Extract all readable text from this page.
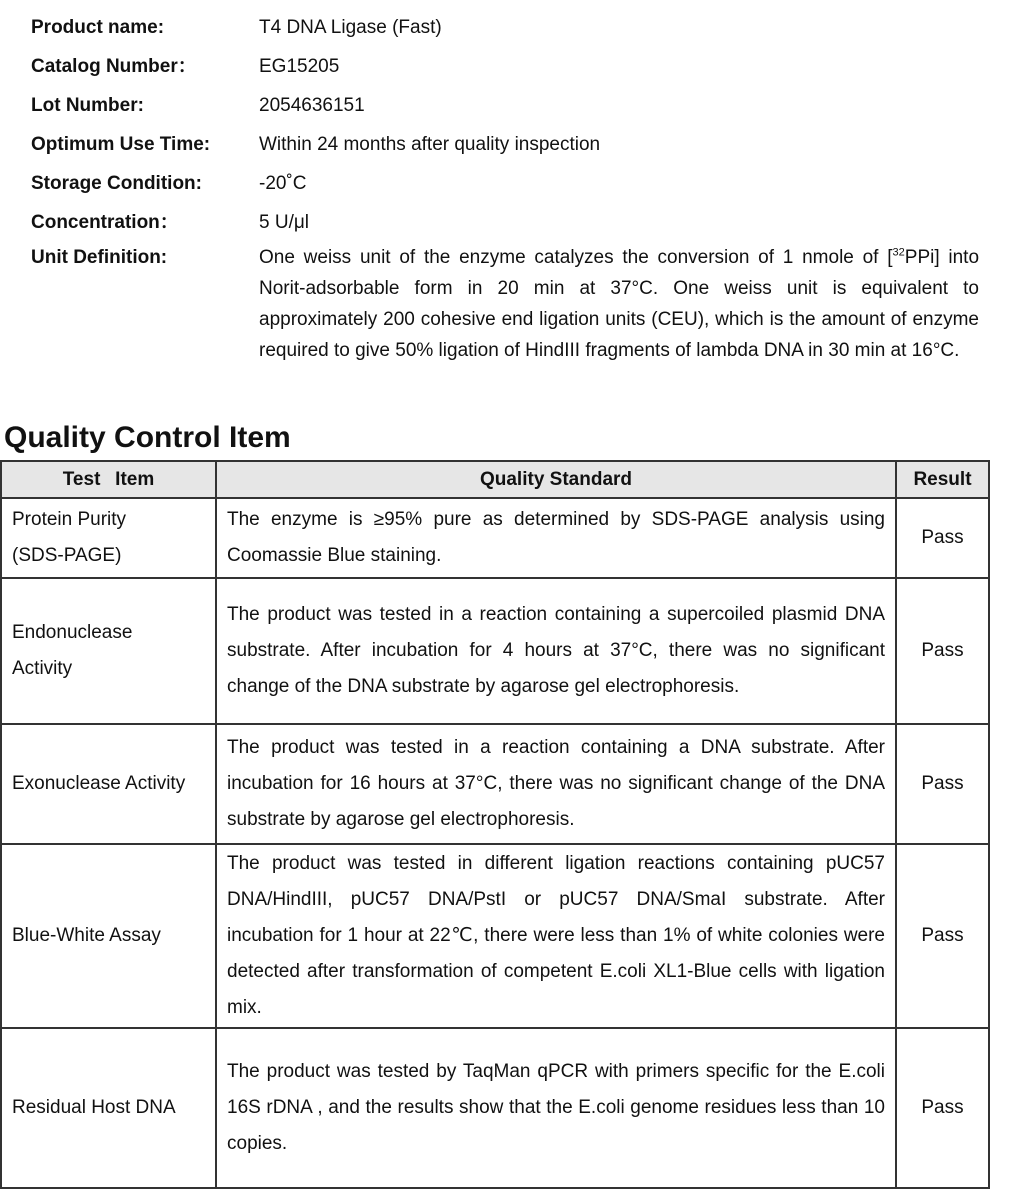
Product name:	T4 DNA Ligase (Fast)
Catalog Number：	EG15205
Lot Number:	2054636151
Optimum Use Time:	Within 24 months after quality inspection
Storage Condition:	-20˚C
Concentration：	5 U/μl
Unit Definition:	One weiss unit of the enzyme catalyzes the conversion of 1 nmole of [$^{32}$PPi] into Norit-adsorbable form in 20 min at 37°C. One weiss unit is equivalent to approximately 200 cohesive end ligation units (CEU), which is the amount of enzyme required to give 50% ligation of HindIII fragments of lambda DNA in 30 min at 16°C.
Quality Control Item
Test  Item	Quality Standard	Result

Protein Purity
(SDS-PAGE)	The enzyme is ≥95% pure as determined by SDS-PAGE analysis using Coomassie Blue staining.	Pass

Endonuclease
Activity	The product was tested in a reaction containing a supercoiled plasmid DNA substrate. After incubation for 4 hours at 37°C, there was no significant change of the DNA substrate by agarose gel electrophoresis.	Pass

Exonuclease Activity	The product was tested in a reaction containing a DNA substrate. After incubation for 16 hours at 37°C, there was no significant change of the DNA substrate by agarose gel electrophoresis.	Pass

Blue-White Assay	The product was tested in different ligation reactions containing pUC57 DNA/HindIII, pUC57 DNA/PstI or pUC57 DNA/SmaI substrate. After incubation for 1 hour at 22℃, there were less than 1% of white colonies were detected after transformation of competent E.coli XL1-Blue cells with ligation mix.	Pass

Residual Host DNA	The product was tested by TaqMan qPCR with primers specific for the E.coli 16S rDNA , and the results show that the E.coli genome residues less than 10 copies.	Pass
